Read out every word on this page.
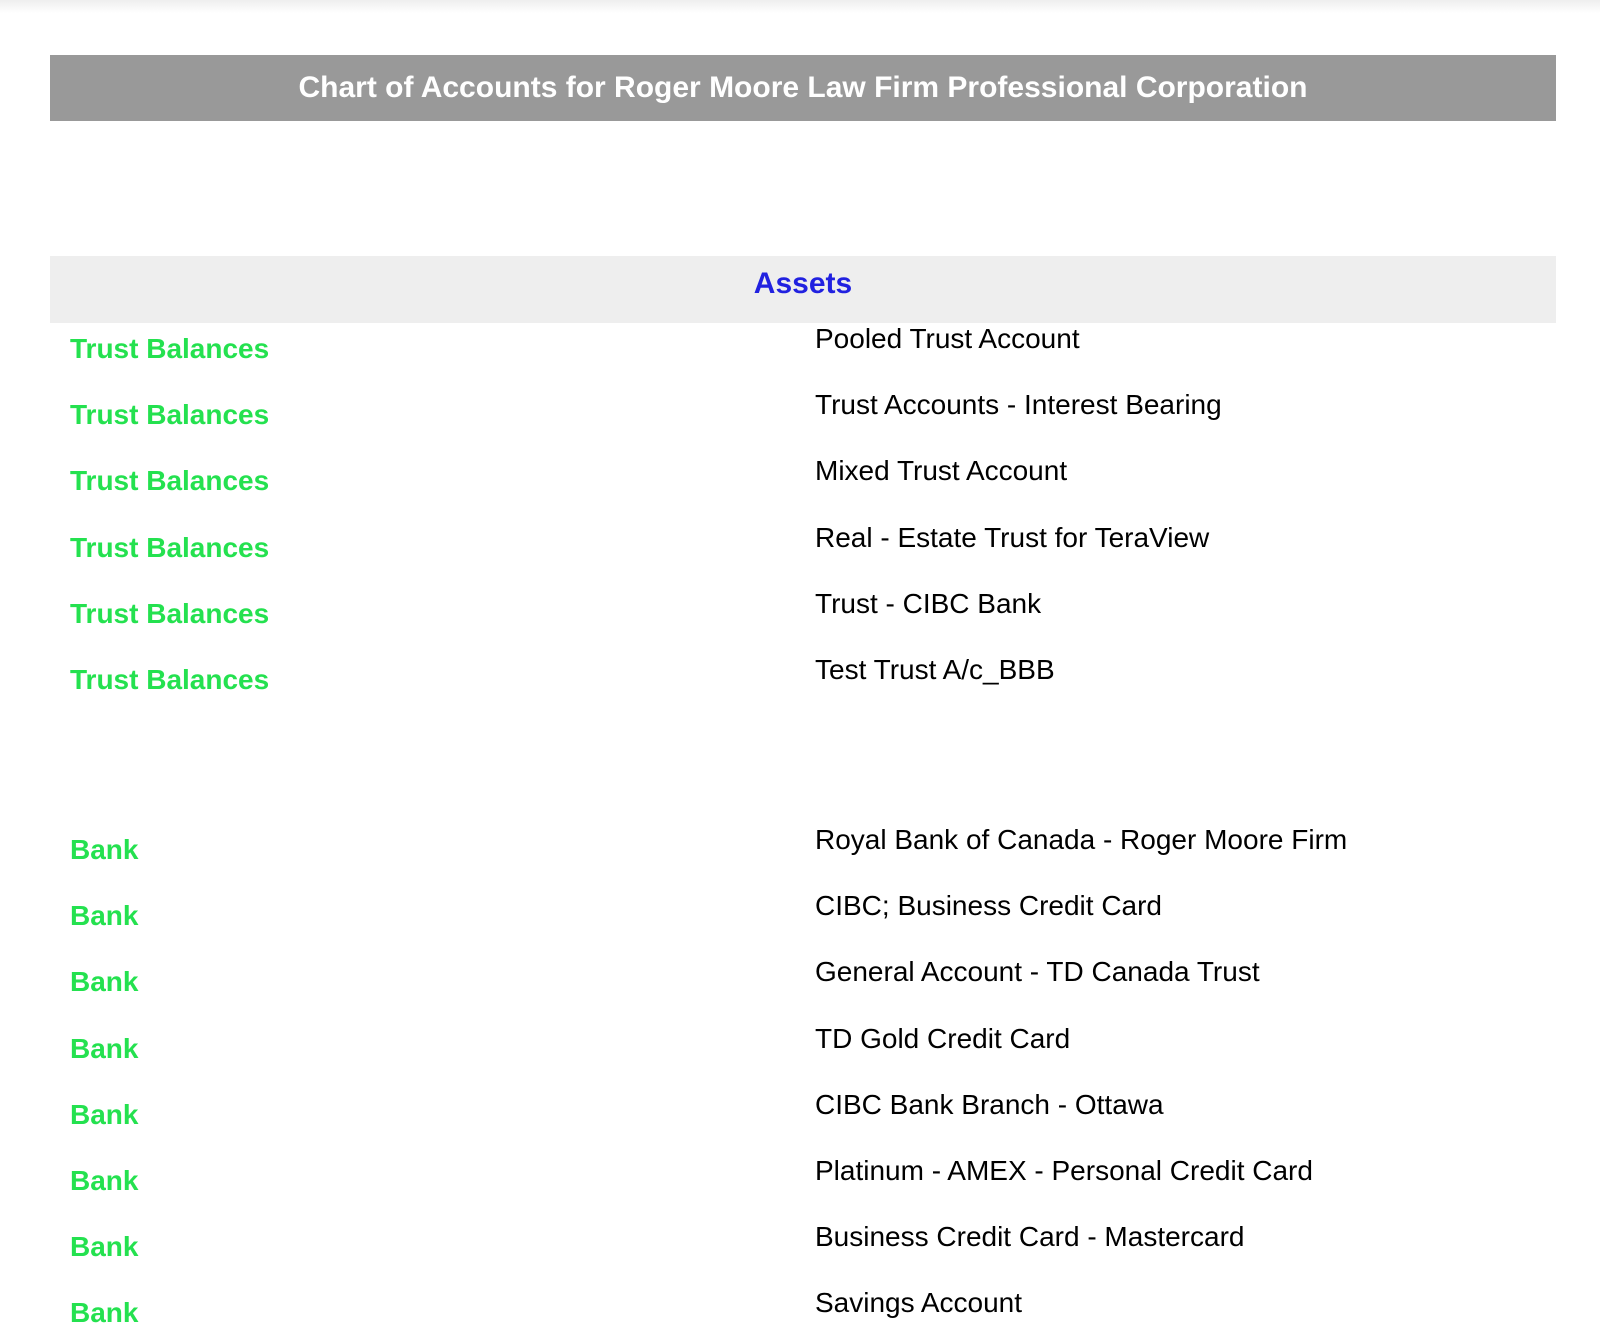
Chart of Accounts for Roger Moore Law Firm Professional Corporation
Assets
Pooled Trust Account
Trust Balances
Trust Accounts - Interest Bearing
Trust Balances
Mixed Trust Account
Trust Balances
Real - Estate Trust for TeraView
Trust Balances
Trust - CIBC Bank
Trust Balances
Test Trust A/c_BBB
Trust Balances
Royal Bank of Canada - Roger Moore Firm
Bank
CIBC; Business Credit Card
Bank
General Account - TD Canada Trust
Bank
TD Gold Credit Card
Bank
CIBC Bank Branch - Ottawa
Bank
Platinum - AMEX - Personal Credit Card
Bank
Business Credit Card - Mastercard
Bank
Savings Account
Bank
